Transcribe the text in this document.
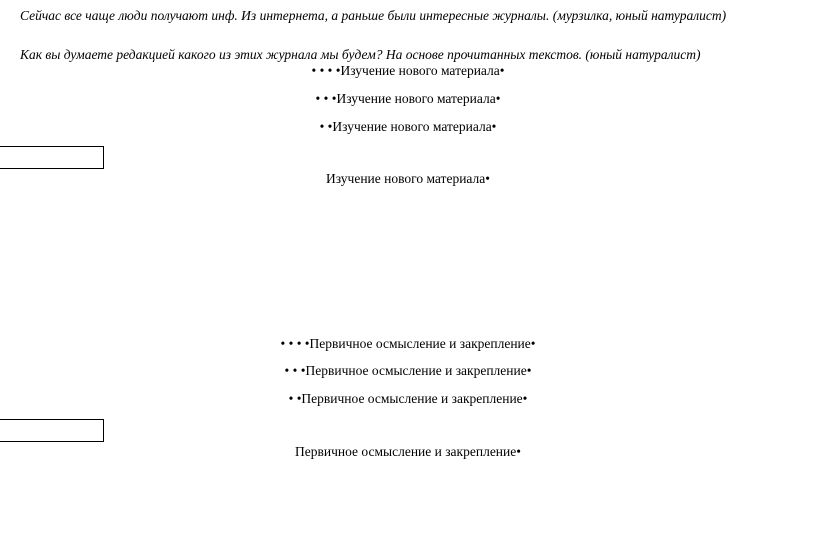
Сейчас все чаще люди получают инф. Из интернета, а раньше были интересные журналы. (мурзилка, юный натуралист)

Как вы думаете редакцией какого из этих журнала мы будем? На основе прочитанных текстов. (юный натуралист)

• • • •Изучение нового материала•

• • •Изучение нового материала•

• •Изучение нового материала•

Изучение нового материала•

• • • •Первичное осмысление и закрепление•

• • •Первичное осмысление и закрепление•

• •Первичное осмысление и закрепление•

Первичное осмысление и закрепление•
